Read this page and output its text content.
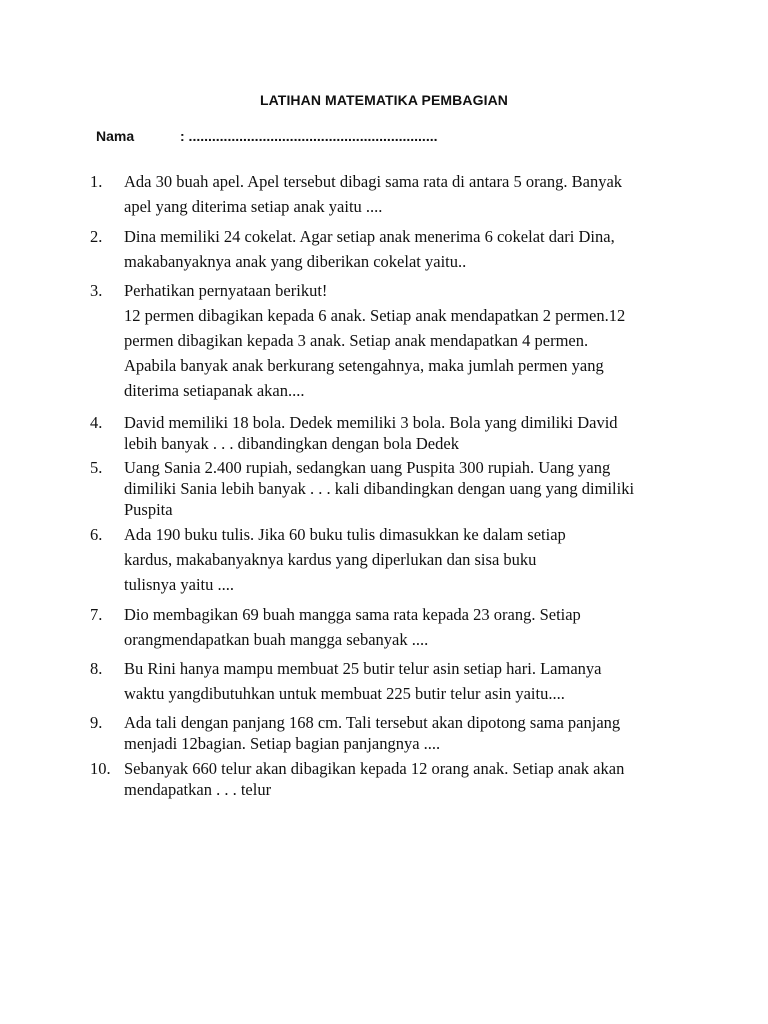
LATIHAN MATEMATIKA PEMBAGIAN
Nama	: ................................................................
1. Ada 30 buah apel. Apel tersebut dibagi sama rata di antara 5 orang. Banyak
apel yang diterima setiap anak yaitu ....
2. Dina memiliki 24 cokelat. Agar setiap anak menerima 6 cokelat dari Dina,
makabanyaknya anak yang diberikan cokelat yaitu..
3. Perhatikan pernyataan berikut!
12 permen dibagikan kepada 6 anak. Setiap anak mendapatkan 2 permen.12
permen dibagikan kepada 3 anak. Setiap anak mendapatkan 4 permen.
Apabila banyak anak berkurang setengahnya, maka jumlah permen yang
diterima setiapanak akan....
4. David memiliki 18 bola. Dedek memiliki 3 bola. Bola yang dimiliki David
lebih banyak . . . dibandingkan dengan bola Dedek
5. Uang Sania 2.400 rupiah, sedangkan uang Puspita 300 rupiah. Uang yang
dimiliki Sania lebih banyak . . . kali dibandingkan dengan uang yang dimiliki
Puspita
6. Ada 190 buku tulis. Jika 60 buku tulis dimasukkan ke dalam setiap
kardus, makabanyaknya kardus yang diperlukan dan sisa buku
tulisnya yaitu ....
7. Dio membagikan 69 buah mangga sama rata kepada 23 orang. Setiap
orangmendapatkan buah mangga sebanyak ....
8. Bu Rini hanya mampu membuat 25 butir telur asin setiap hari. Lamanya
waktu yangdibutuhkan untuk membuat 225 butir telur asin yaitu....
9. Ada tali dengan panjang 168 cm. Tali tersebut akan dipotong sama panjang
menjadi 12bagian. Setiap bagian panjangnya ....
10. Sebanyak 660 telur akan dibagikan kepada 12 orang anak. Setiap anak akan
mendapatkan . . . telur
